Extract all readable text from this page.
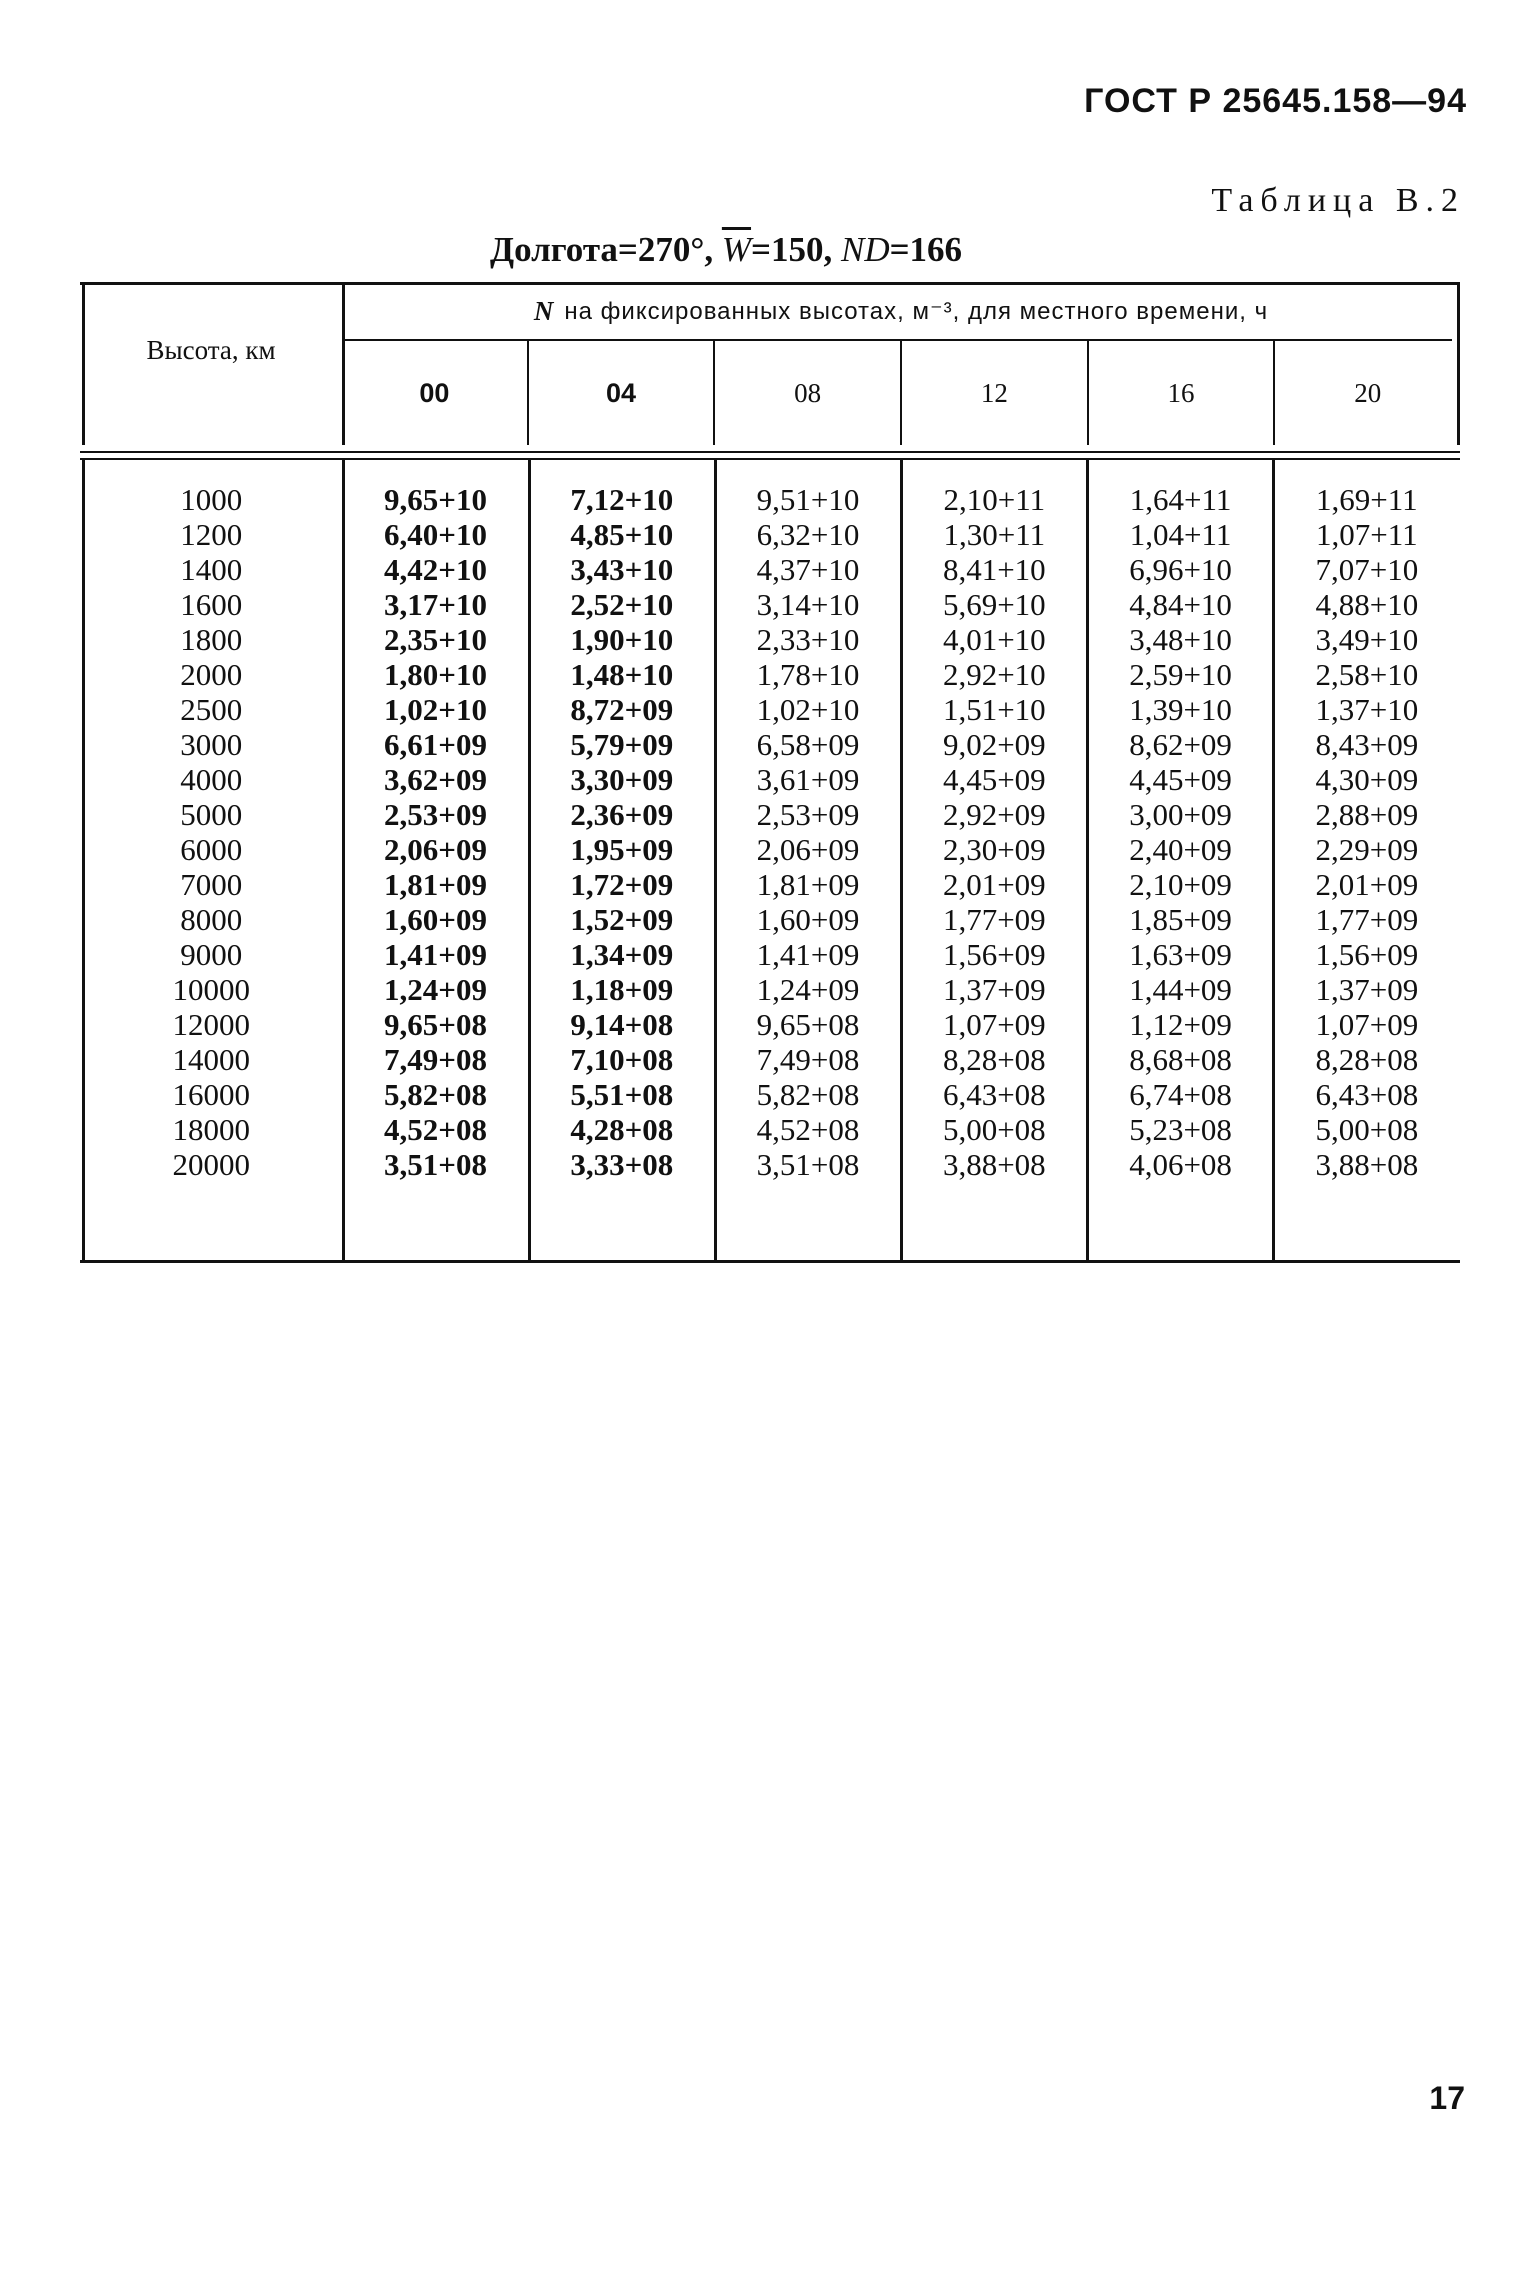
ГОСТ Р 25645.158—94
Таблица В.2
Долгота=270°, $\overline{W}=150$, ND=166
Высота, км
N на фиксированных высотах, м⁻³, для местного времени, ч
00	04	08	12	16	20
1000	9,65+10	7,12+10	9,51+10	2,10+11	1,64+11	1,69+11
1200	6,40+10	4,85+10	6,32+10	1,30+11	1,04+11	1,07+11
1400	4,42+10	3,43+10	4,37+10	8,41+10	6,96+10	7,07+10
1600	3,17+10	2,52+10	3,14+10	5,69+10	4,84+10	4,88+10
1800	2,35+10	1,90+10	2,33+10	4,01+10	3,48+10	3,49+10
2000	1,80+10	1,48+10	1,78+10	2,92+10	2,59+10	2,58+10
2500	1,02+10	8,72+09	1,02+10	1,51+10	1,39+10	1,37+10
3000	6,61+09	5,79+09	6,58+09	9,02+09	8,62+09	8,43+09
4000	3,62+09	3,30+09	3,61+09	4,45+09	4,45+09	4,30+09
5000	2,53+09	2,36+09	2,53+09	2,92+09	3,00+09	2,88+09
6000	2,06+09	1,95+09	2,06+09	2,30+09	2,40+09	2,29+09
7000	1,81+09	1,72+09	1,81+09	2,01+09	2,10+09	2,01+09
8000	1,60+09	1,52+09	1,60+09	1,77+09	1,85+09	1,77+09
9000	1,41+09	1,34+09	1,41+09	1,56+09	1,63+09	1,56+09
10000	1,24+09	1,18+09	1,24+09	1,37+09	1,44+09	1,37+09
12000	9,65+08	9,14+08	9,65+08	1,07+09	1,12+09	1,07+09
14000	7,49+08	7,10+08	7,49+08	8,28+08	8,68+08	8,28+08
16000	5,82+08	5,51+08	5,82+08	6,43+08	6,74+08	6,43+08
18000	4,52+08	4,28+08	4,52+08	5,00+08	5,23+08	5,00+08
20000	3,51+08	3,33+08	3,51+08	3,88+08	4,06+08	3,88+08
17
